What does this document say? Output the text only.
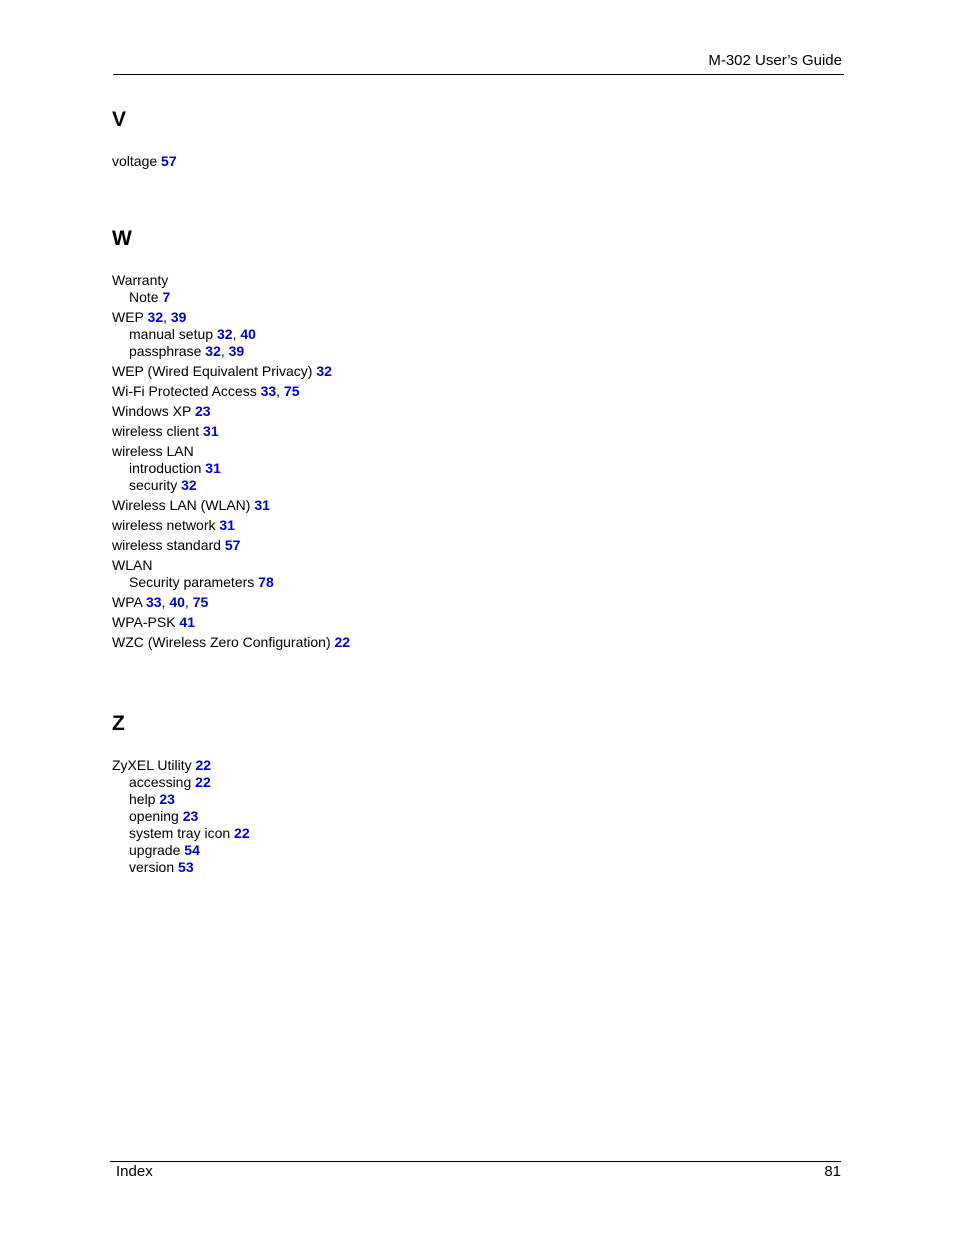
M-302 User’s Guide
V
voltage 57
W
Warranty
Note 7
WEP 32, 39
manual setup 32, 40
passphrase 32, 39
WEP (Wired Equivalent Privacy) 32
Wi-Fi Protected Access 33, 75
Windows XP 23
wireless client 31
wireless LAN
introduction 31
security 32
Wireless LAN (WLAN) 31
wireless network 31
wireless standard 57
WLAN
Security parameters 78
WPA 33, 40, 75
WPA-PSK 41
WZC (Wireless Zero Configuration) 22
Z
ZyXEL Utility 22
accessing 22
help 23
opening 23
system tray icon 22
upgrade 54
version 53
Index	81
